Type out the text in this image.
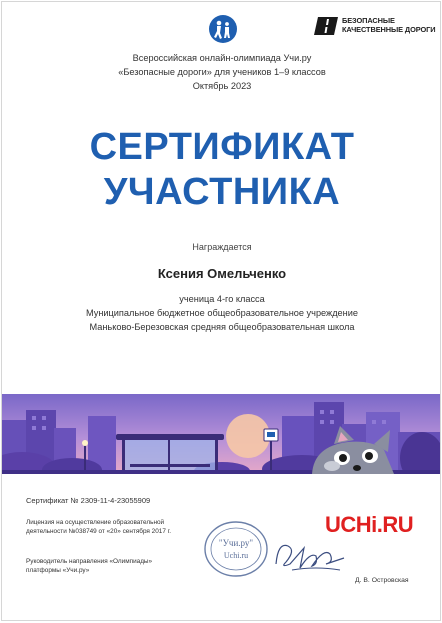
БЕЗОПАСНЫЕ
КАЧЕСТВЕННЫЕ ДОРОГИ
Всероссийская онлайн-олимпиада Учи.ру
«Безопасные дороги» для учеников 1–9 классов
Октябрь 2023
СЕРТИФИКАТ
УЧАСТНИКА
Награждается
Ксения Омельченко
ученица 4-го класса
Муниципальное бюджетное общеобразовательное учреждение
Маньково-Березовская средняя общеобразовательная школа
Сертификат № 2309-11-4-23055909
Лицензия на осуществление образовательной
деятельности №038749 от «20» сентября 2017 г.
Руководитель направления «Олимпиады»
платформы «Учи.ру»
"Учи.ру"
Uchi.ru
UCHi.RU
Д. В. Островская
